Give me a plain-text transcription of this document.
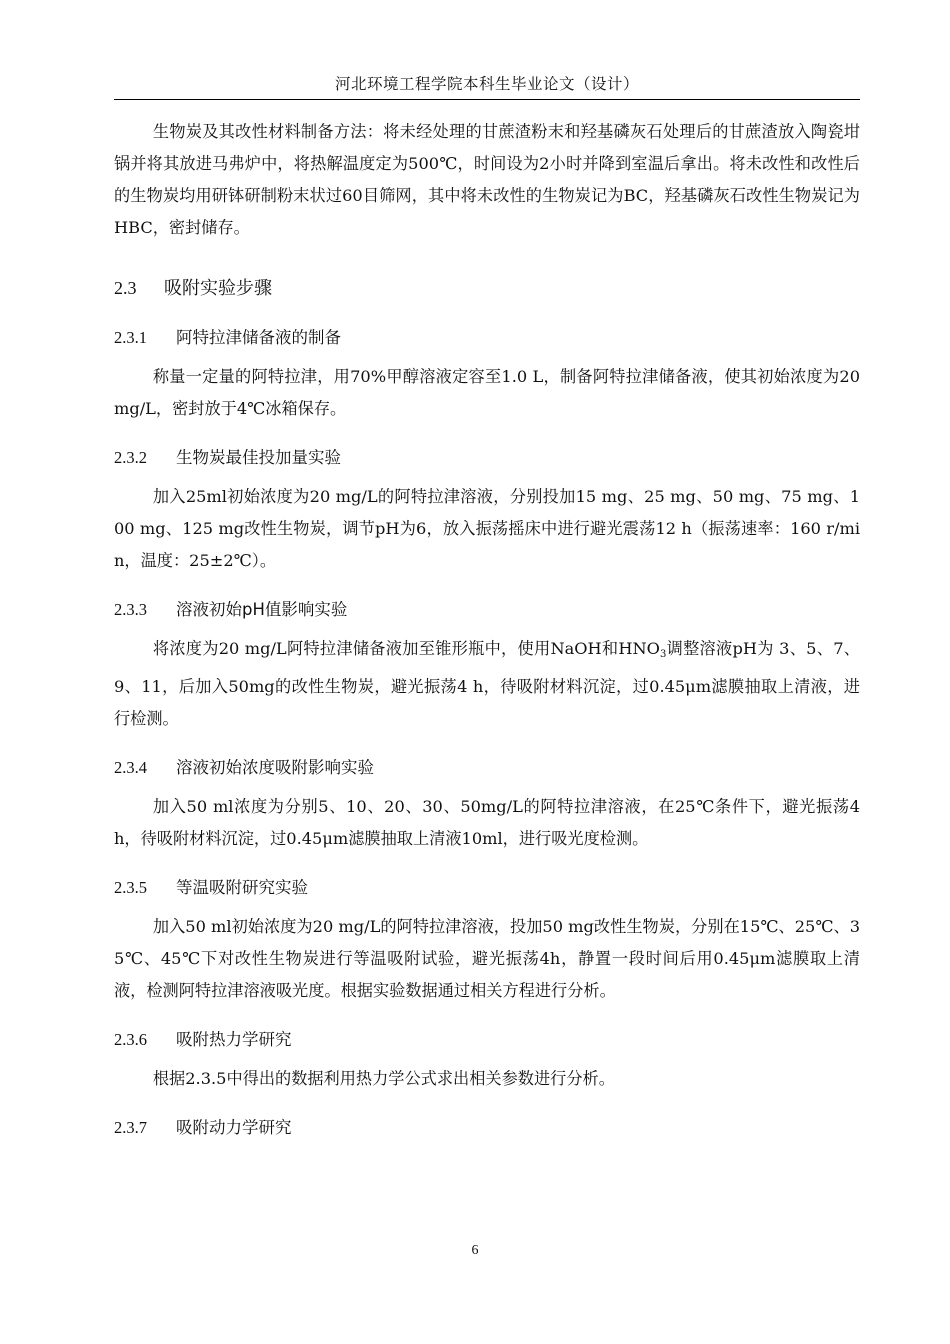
河北环境工程学院本科生毕业论文（设计）

生物炭及其改性材料制备方法：将未经处理的甘蔗渣粉末和羟基磷灰石处理后的甘蔗渣放入陶瓷坩锅并将其放进马弗炉中，将热解温度定为500℃，时间设为2小时并降到室温后拿出。将未改性和改性后的生物炭均用研钵研制粉末状过60目筛网，其中将未改性的生物炭记为BC，羟基磷灰石改性生物炭记为HBC，密封储存。

2.3 吸附实验步骤
2.3.1 阿特拉津储备液的制备

称量一定量的阿特拉津，用70%甲醇溶液定容至1.0 L，制备阿特拉津储备液，使其初始浓度为20 mg/L，密封放于4℃冰箱保存。

2.3.2 生物炭最佳投加量实验

加入25ml初始浓度为20 mg/L的阿特拉津溶液，分别投加15 mg、25 mg、50 mg、75 mg、100 mg、125 mg改性生物炭，调节pH为6，放入振荡摇床中进行避光震荡12 h（振荡速率：160 r/min，温度：25±2℃）。

2.3.3 溶液初始pH值影响实验

将浓度为20 mg/L阿特拉津储备液加至锥形瓶中，使用NaOH和$HNO_3$调整溶液pH为 3、5、7、9、11，后加入50mg的改性生物炭，避光振荡4 h，待吸附材料沉淀，过0.45μm滤膜抽取上清液，进行检测。

2.3.4 溶液初始浓度吸附影响实验

加入50 ml浓度为分别5、10、20、30、50mg/L的阿特拉津溶液，在25℃条件下，避光振荡4h，待吸附材料沉淀，过0.45μm滤膜抽取上清液10ml，进行吸光度检测。

2.3.5 等温吸附研究实验

加入50 ml初始浓度为20 mg/L的阿特拉津溶液，投加50 mg改性生物炭，分别在15℃、25℃、35℃、45℃下对改性生物炭进行等温吸附试验，避光振荡4h，静置一段时间后用0.45μm滤膜取上清液，检测阿特拉津溶液吸光度。根据实验数据通过相关方程进行分析。

2.3.6 吸附热力学研究

根据2.3.5中得出的数据利用热力学公式求出相关参数进行分析。

2.3.7 吸附动力学研究
6
